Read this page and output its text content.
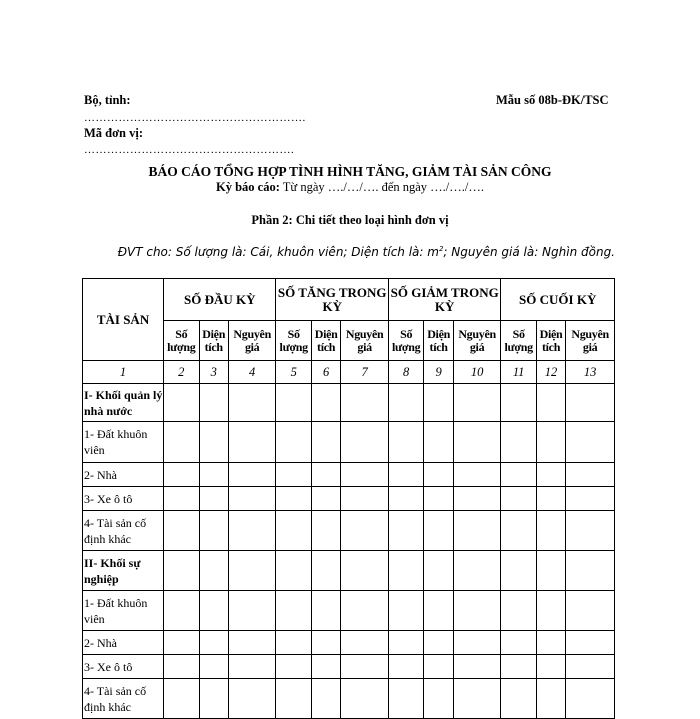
Bộ, tỉnh:	Mẫu số 08b-ĐK/TSC
………………………………………………….
Mã đơn vị:
……………………………………………….
BÁO CÁO TỔNG HỢP TÌNH HÌNH TĂNG, GIẢM TÀI SẢN CÔNG
Kỳ báo cáo: Từ ngày …./…/…. đến ngày …./…./….
Phần 2: Chi tiết theo loại hình đơn vị
ĐVT cho: Số lượng là: Cái, khuôn viên; Diện tích là: $m^2$; Nguyên giá là: Nghìn đồng.
TÀI SẢN	SỐ ĐẦU KỲ			SỐ TĂNG TRONG KỲ			SỐ GIẢM TRONG KỲ			SỐ CUỐI KỲ		
	Số lượng	Diện tích	Nguyên giá	Số lượng	Diện tích	Nguyên giá	Số lượng	Diện tích	Nguyên giá	Số lượng	Diện tích	Nguyên giá
1	2	3	4	5	6	7	8	9	10	11	12	13
I- Khối quản lý nhà nước												
1- Đất khuôn viên												
2- Nhà												
3- Xe ô tô												
4- Tài sản cố định khác												
II- Khối sự nghiệp												
1- Đất khuôn viên												
2- Nhà												
3- Xe ô tô												
4- Tài sản cố định khác												
